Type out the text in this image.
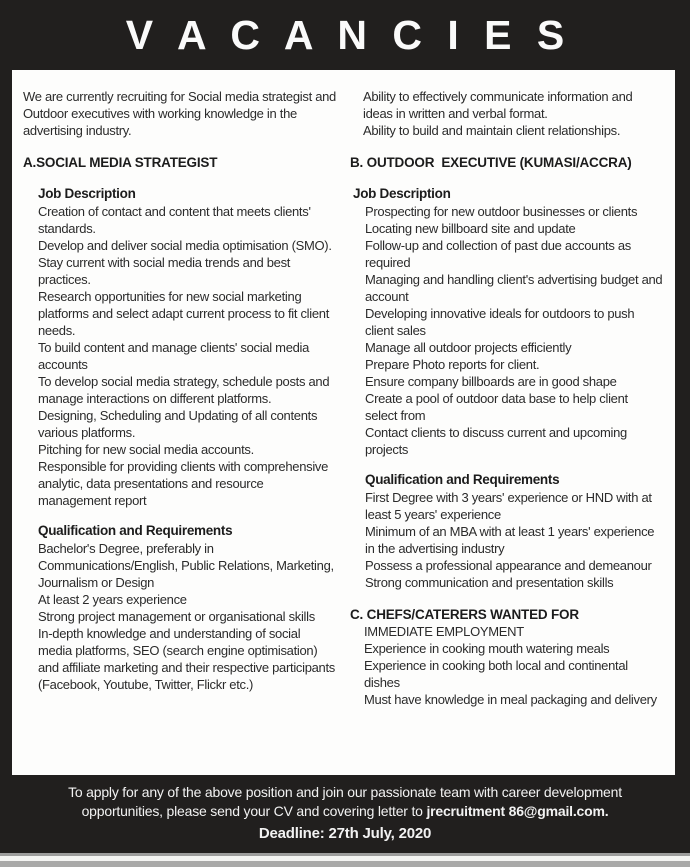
V A C A N C I E S

We are currently recruiting for Social media strategist and Outdoor executives with working knowledge in the advertising industry.

A.SOCIAL MEDIA STRATEGIST
Job Description
Creation of contact and content that meets clients' standards.
Develop and deliver social media optimisation (SMO).
Stay current with social media trends and best practices.
Research opportunities for new social marketing platforms and select adapt current process to fit client needs.
To build content and manage clients' social media accounts
To develop social media strategy, schedule posts and manage interactions on different platforms.
Designing, Scheduling and Updating of all contents various platforms.
Pitching for new social media accounts.
Responsible for providing clients with comprehensive analytic, data presentations and resource management report
Qualification and Requirements
Bachelor's Degree, preferably in Communications/English, Public Relations, Marketing, Journalism or Design
At least 2 years experience
Strong project management or organisational skills
In-depth knowledge and understanding of social media platforms, SEO (search engine optimisation) and affiliate marketing and their respective participants (Facebook, Youtube, Twitter, Flickr etc.)
Ability to effectively communicate information and ideas in written and verbal format.
Ability to build and maintain client relationships.
B. OUTDOOR  EXECUTIVE (KUMASI/ACCRA)
Job Description
Prospecting for new outdoor businesses or clients
Locating new billboard site and update
Follow-up and collection of past due accounts as required
Managing and handling client's advertising budget and account
Developing innovative ideals for outdoors to push client sales
Manage all outdoor projects efficiently
Prepare Photo reports for client.
Ensure company billboards are in good shape
Create a pool of outdoor data base to help client select from
Contact clients to discuss current and upcoming projects
Qualification and Requirements
First Degree with 3 years' experience or HND with at least 5 years' experience
Minimum of an MBA with at least 1 years' experience in the advertising industry
Possess a professional appearance and demeanour
Strong communication and presentation skills
C. CHEFS/CATERERS WANTED FOR

IMMEDIATE EMPLOYMENT

Experience in cooking mouth watering meals
Experience in cooking both local and continental dishes
Must have knowledge in meal packaging and delivery

To apply for any of the above position and join our passionate team with career development opportunities, please send your CV and covering letter to jrecruitment 86@gmail.com.

Deadline: 27th July, 2020
